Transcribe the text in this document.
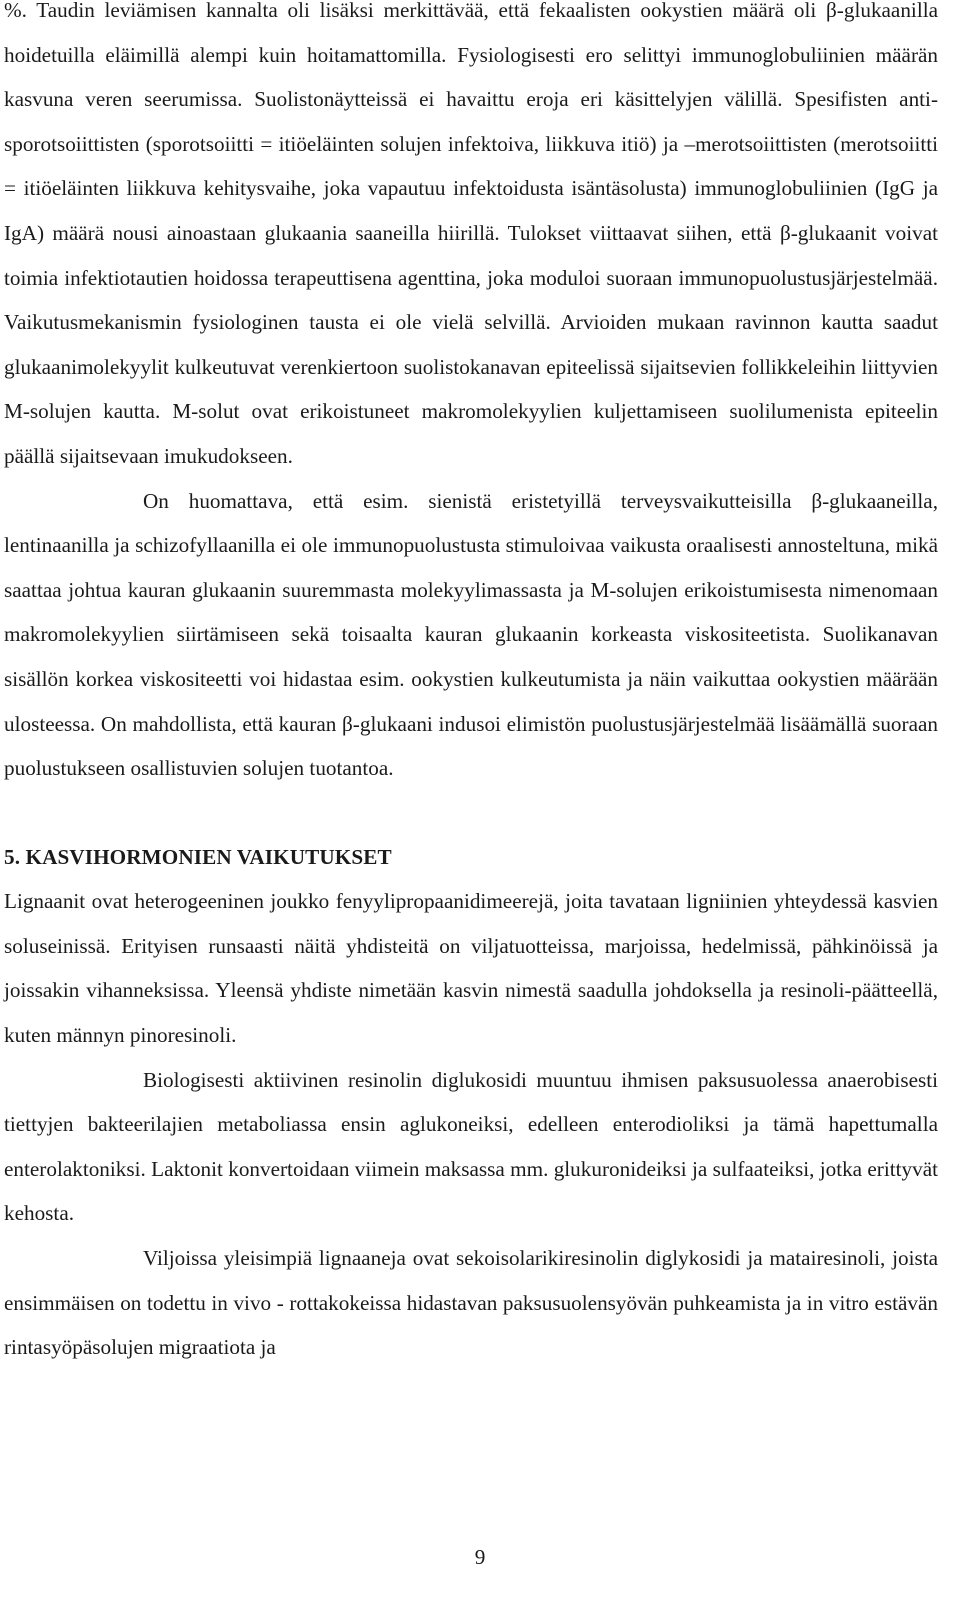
%. Taudin leviämisen kannalta oli lisäksi merkittävää, että fekaalisten ookystien määrä oli β-glukaanilla hoidetuilla eläimillä alempi kuin hoitamattomilla. Fysiologisesti ero selittyi immunoglobuliinien määrän kasvuna veren seerumissa. Suolistonäytteissä ei havaittu eroja eri käsittelyjen välillä. Spesifisten anti-sporotsoiittisten (sporotsoiitti = itiöeläinten solujen infektoiva, liikkuva itiö) ja –merotsoiittisten (merotsoiitti = itiöeläinten liikkuva kehitysvaihe, joka vapautuu infektoidusta isäntäsolusta) immunoglobuliinien (IgG ja IgA) määrä nousi ainoastaan glukaania saaneilla hiirillä. Tulokset viittaavat siihen, että β-glukaanit voivat toimia infektiotautien hoidossa terapeuttisena agenttina, joka moduloi suoraan immunopuolustusjärjestelmää. Vaikutusmekanismin fysiologinen tausta ei ole vielä selvillä. Arvioiden mukaan ravinnon kautta saadut glukaanimolekyylit kulkeutuvat verenkiertoon suolistokanavan epiteelissä sijaitsevien follikkeleihin liittyvien M-solujen kautta. M-solut ovat erikoistuneet makromolekyylien kuljettamiseen suolilumenista epiteelin päällä sijaitsevaan imukudokseen.

On huomattava, että esim. sienistä eristetyillä terveysvaikutteisilla β-glukaaneilla, lentinaanilla ja schizofyllaanilla ei ole immunopuolustusta stimuloivaa vaikusta oraalisesti annosteltuna, mikä saattaa johtua kauran glukaanin suuremmasta molekyylimassasta ja M-solujen erikoistumisesta nimenomaan makromolekyylien siirtämiseen sekä toisaalta kauran glukaanin korkeasta viskositeetista. Suolikanavan sisällön korkea viskositeetti voi hidastaa esim. ookystien kulkeutumista ja näin vaikuttaa ookystien määrään ulosteessa. On mahdollista, että kauran β-glukaani indusoi elimistön puolustusjärjestelmää lisäämällä suoraan puolustukseen osallistuvien solujen tuotantoa.

5. KASVIHORMONIEN VAIKUTUKSET

Lignaanit ovat heterogeeninen joukko fenyylipropaanidimeerejä, joita tavataan ligniinien yhteydessä kasvien soluseinissä. Erityisen runsaasti näitä yhdisteitä on viljatuotteissa, marjoissa, hedelmissä, pähkinöissä ja joissakin vihanneksissa. Yleensä yhdiste nimetään kasvin nimestä saadulla johdoksella ja resinoli-päätteellä, kuten männyn pinoresinoli.

Biologisesti aktiivinen resinolin diglukosidi muuntuu ihmisen paksusuolessa anaerobisesti tiettyjen bakteerilajien metaboliassa ensin aglukoneiksi, edelleen enterodioliksi ja tämä hapettumalla enterolaktoniksi. Laktonit konvertoidaan viimein maksassa mm. glukuronideiksi ja sulfaateiksi, jotka erittyvät kehosta.

Viljoissa yleisimpiä lignaaneja ovat sekoisolarikiresinolin diglykosidi ja matairesinoli, joista ensimmäisen on todettu in vivo - rottakokeissa hidastavan paksusuolensyövän puhkeamista ja in vitro estävän rintasyöpäsolujen migraatiota ja

9
